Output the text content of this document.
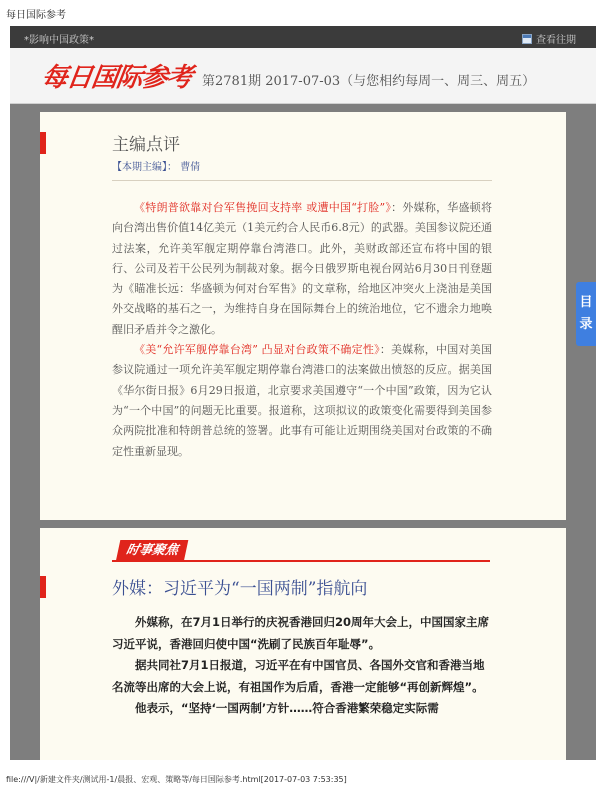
每日国际参考
*影响中国政策*	查看往期
每日国际参考 第2781期 2017-07-03（与您相约每周一、周三、周五）
主编点评
【本期主编】： 曹倩

《特朗普欲靠对台军售挽回支持率 或遭中国“打脸”》：外媒称，华盛顿将向台湾出售价值14亿美元（1美元约合人民币6.8元）的武器。美国参议院还通过法案，允许美军舰定期停靠台湾港口。此外，美财政部还宣布将中国的银行、公司及若干公民列为制裁对象。据今日俄罗斯电视台网站6月30日刊登题为《瞄准长远：华盛顿为何对台军售》的文章称，给地区冲突火上浇油是美国外交战略的基石之一，为维持自身在国际舞台上的统治地位，它不遗余力地唤醒旧矛盾并令之激化。

《美“允许军舰停靠台湾” 凸显对台政策不确定性》：美媒称，中国对美国参议院通过一项允许美军舰定期停靠台湾港口的法案做出愤怒的反应。据美国《华尔街日报》6月29日报道，北京要求美国遵守“一个中国”政策，因为它认为“一个中国”的问题无比重要。报道称，这项拟议的政策变化需要得到美国参众两院批准和特朗普总统的签署。此事有可能让近期围绕美国对台政策的不确定性重新显现。

目
录
时事聚焦
外媒：习近平为“一国两制”指航向

外媒称，在7月1日举行的庆祝香港回归20周年大会上，中国国家主席习近平说，香港回归使中国“洗刷了民族百年耻辱”。

据共同社7月1日报道，习近平在有中国官员、各国外交官和香港当地名流等出席的大会上说，有祖国作为后盾，香港一定能够“再创新辉煌”。

他表示，“坚持‘一国两制’方针……符合香港繁荣稳定实际需

file:///V|/新建文件夹/测试用-1/晨报、宏观、策略等/每日国际参考.html[2017-07-03 7:53:35]
